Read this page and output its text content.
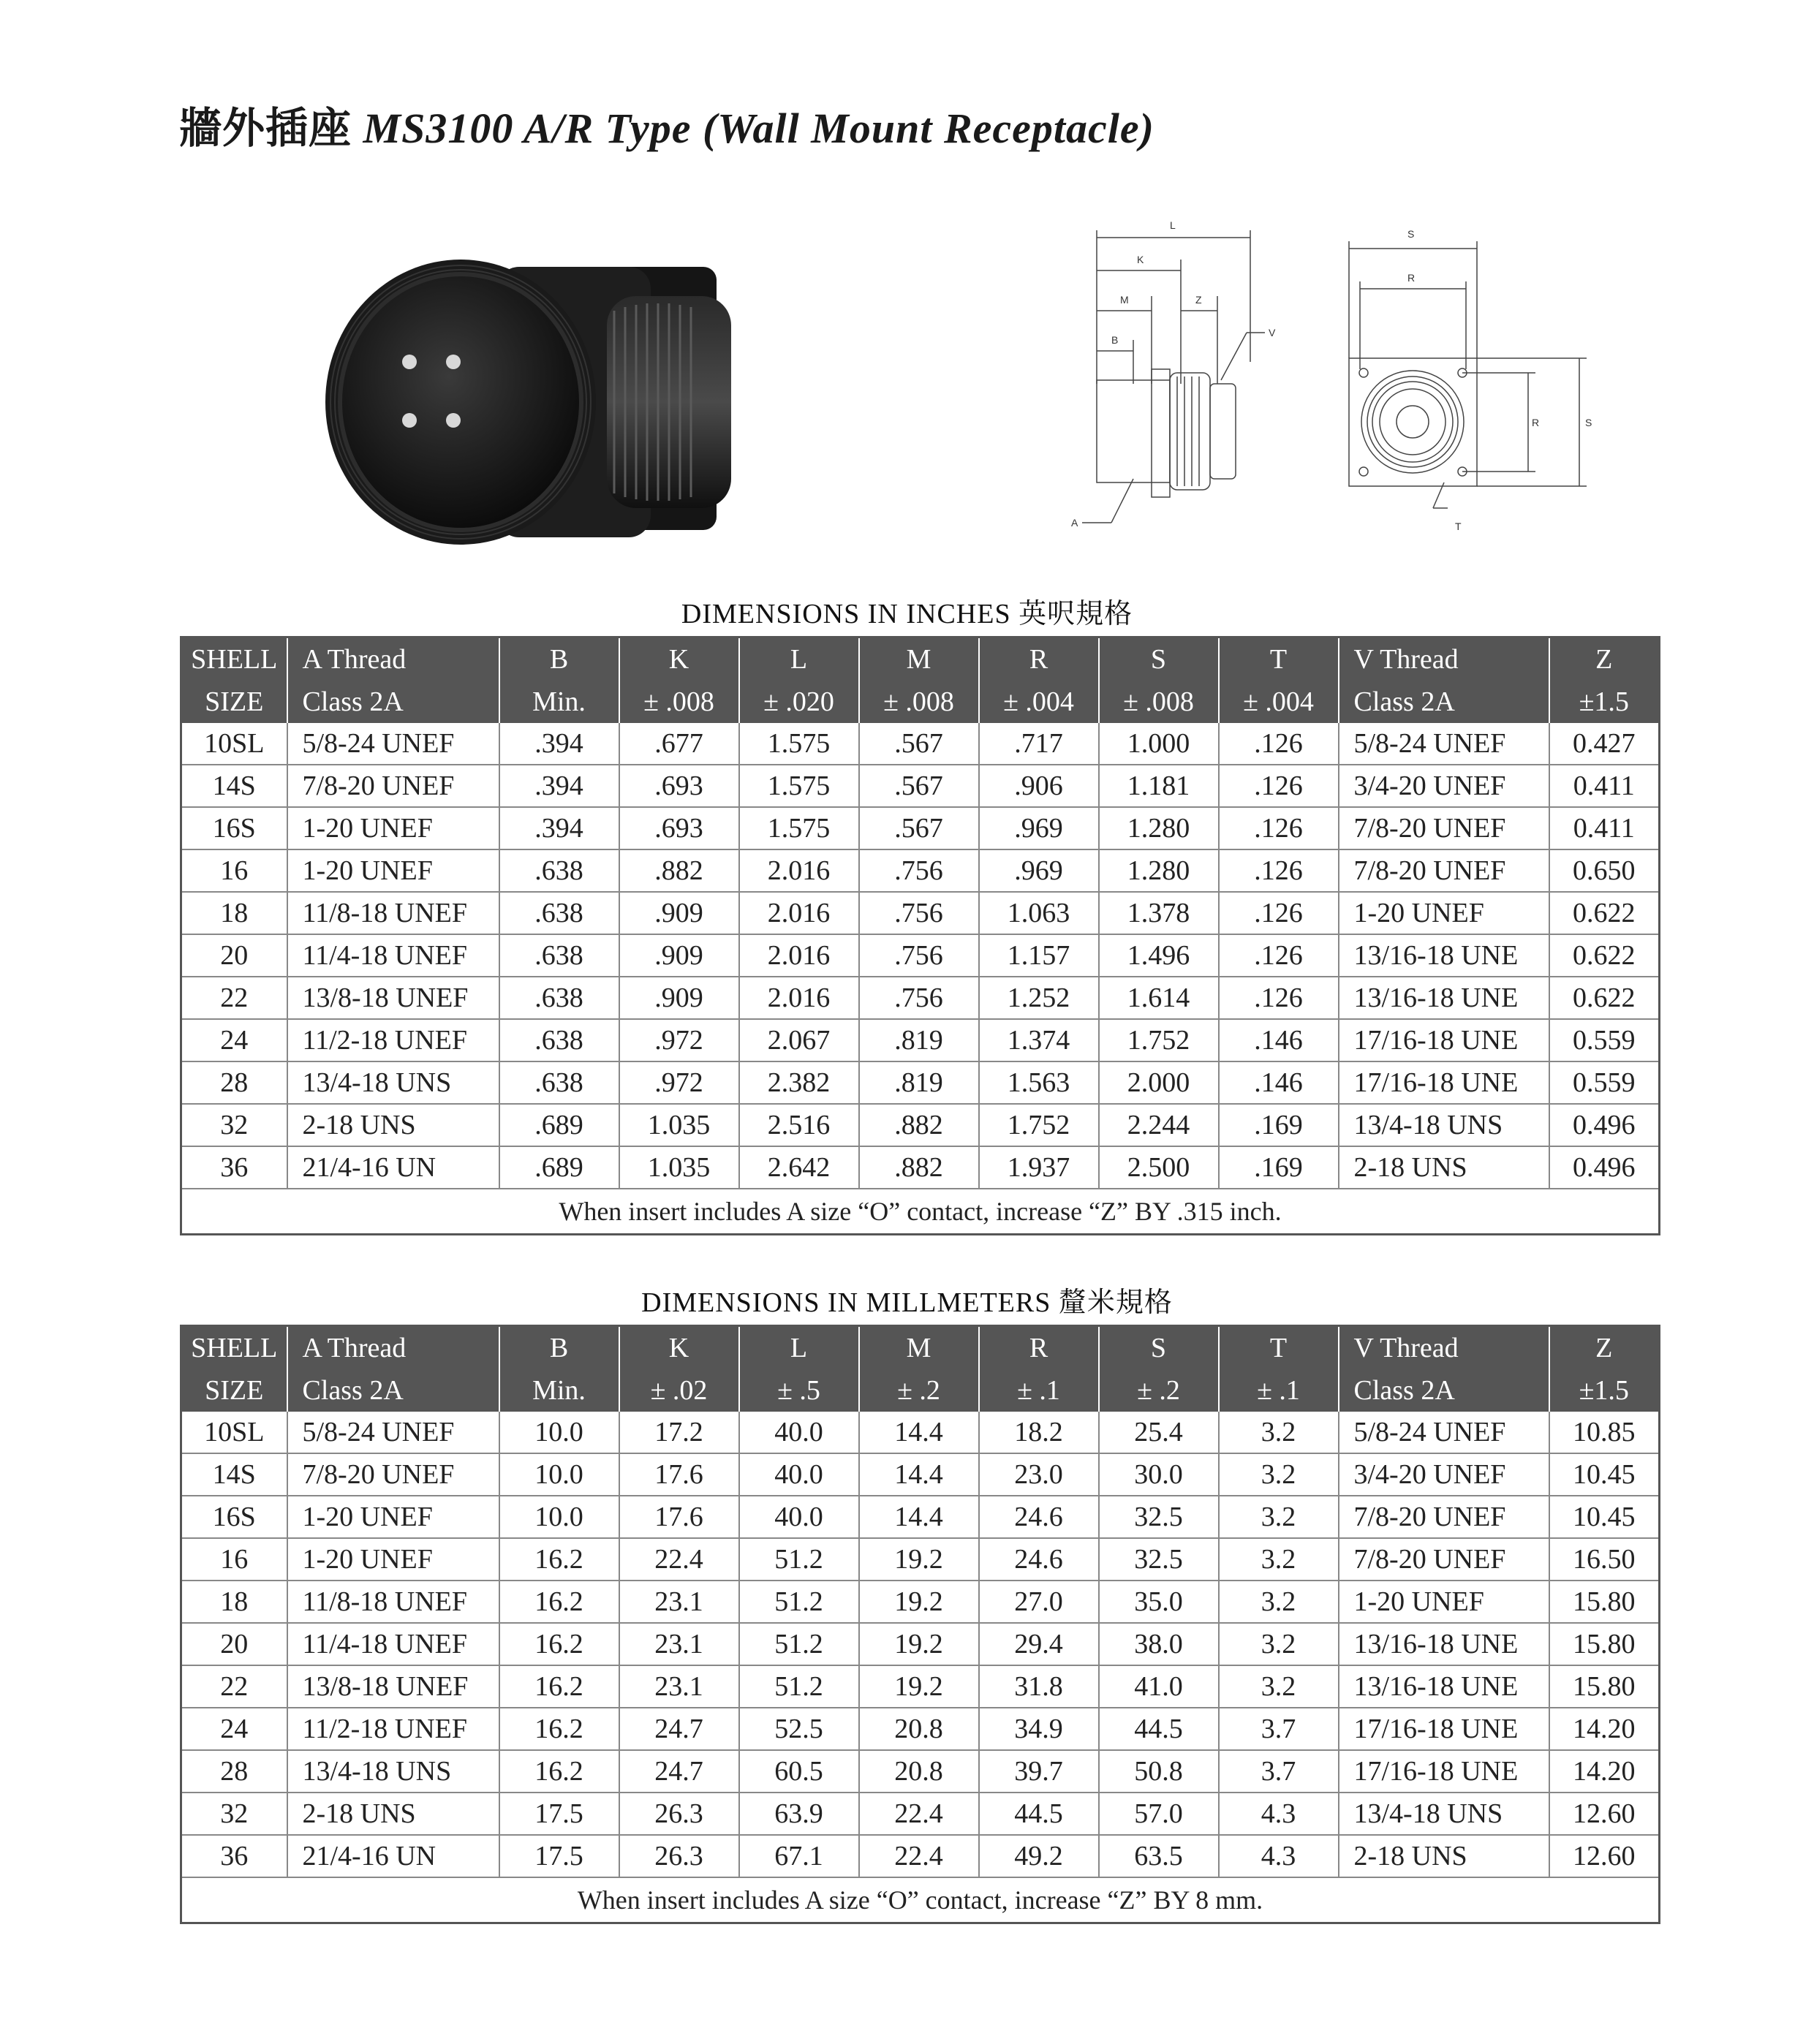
牆外插座 MS3100 A/R Type (Wall Mount Receptacle)
L
K
M	Z
B
V
A
S
R
R	S
T
DIMENSIONS IN INCHES 英呎規格
SHELL	A Thread	B	K	L	M	R	S	T	V Thread	Z
SIZE	Class 2A	Min.	± .008	± .020	± .008	± .004	± .008	± .004	Class 2A	±1.5
10SL	5/8-24 UNEF	.394	.677	1.575	.567	.717	1.000	.126	5/8-24 UNEF	0.427
14S	7/8-20 UNEF	.394	.693	1.575	.567	.906	1.181	.126	3/4-20 UNEF	0.411
16S	1-20 UNEF	.394	.693	1.575	.567	.969	1.280	.126	7/8-20 UNEF	0.411
16	1-20 UNEF	.638	.882	2.016	.756	.969	1.280	.126	7/8-20 UNEF	0.650
18	11/8-18 UNEF	.638	.909	2.016	.756	1.063	1.378	.126	1-20 UNEF	0.622
20	11/4-18 UNEF	.638	.909	2.016	.756	1.157	1.496	.126	13/16-18 UNE	0.622
22	13/8-18 UNEF	.638	.909	2.016	.756	1.252	1.614	.126	13/16-18 UNE	0.622
24	11/2-18 UNEF	.638	.972	2.067	.819	1.374	1.752	.146	17/16-18 UNE	0.559
28	13/4-18 UNS	.638	.972	2.382	.819	1.563	2.000	.146	17/16-18 UNE	0.559
32	2-18 UNS	.689	1.035	2.516	.882	1.752	2.244	.169	13/4-18 UNS	0.496
36	21/4-16 UN	.689	1.035	2.642	.882	1.937	2.500	.169	2-18 UNS	0.496
When insert includes A size “O” contact, increase “Z” BY .315 inch.										
DIMENSIONS IN MILLMETERS 釐米規格
SHELL	A Thread	B	K	L	M	R	S	T	V Thread	Z
SIZE	Class 2A	Min.	± .02	± .5	± .2	± .1	± .2	± .1	Class 2A	±1.5
10SL	5/8-24 UNEF	10.0	17.2	40.0	14.4	18.2	25.4	3.2	5/8-24 UNEF	10.85
14S	7/8-20 UNEF	10.0	17.6	40.0	14.4	23.0	30.0	3.2	3/4-20 UNEF	10.45
16S	1-20 UNEF	10.0	17.6	40.0	14.4	24.6	32.5	3.2	7/8-20 UNEF	10.45
16	1-20 UNEF	16.2	22.4	51.2	19.2	24.6	32.5	3.2	7/8-20 UNEF	16.50
18	11/8-18 UNEF	16.2	23.1	51.2	19.2	27.0	35.0	3.2	1-20 UNEF	15.80
20	11/4-18 UNEF	16.2	23.1	51.2	19.2	29.4	38.0	3.2	13/16-18 UNE	15.80
22	13/8-18 UNEF	16.2	23.1	51.2	19.2	31.8	41.0	3.2	13/16-18 UNE	15.80
24	11/2-18 UNEF	16.2	24.7	52.5	20.8	34.9	44.5	3.7	17/16-18 UNE	14.20
28	13/4-18 UNS	16.2	24.7	60.5	20.8	39.7	50.8	3.7	17/16-18 UNE	14.20
32	2-18 UNS	17.5	26.3	63.9	22.4	44.5	57.0	4.3	13/4-18 UNS	12.60
36	21/4-16 UN	17.5	26.3	67.1	22.4	49.2	63.5	4.3	2-18 UNS	12.60
When insert includes A size “O” contact, increase “Z” BY 8 mm.										
